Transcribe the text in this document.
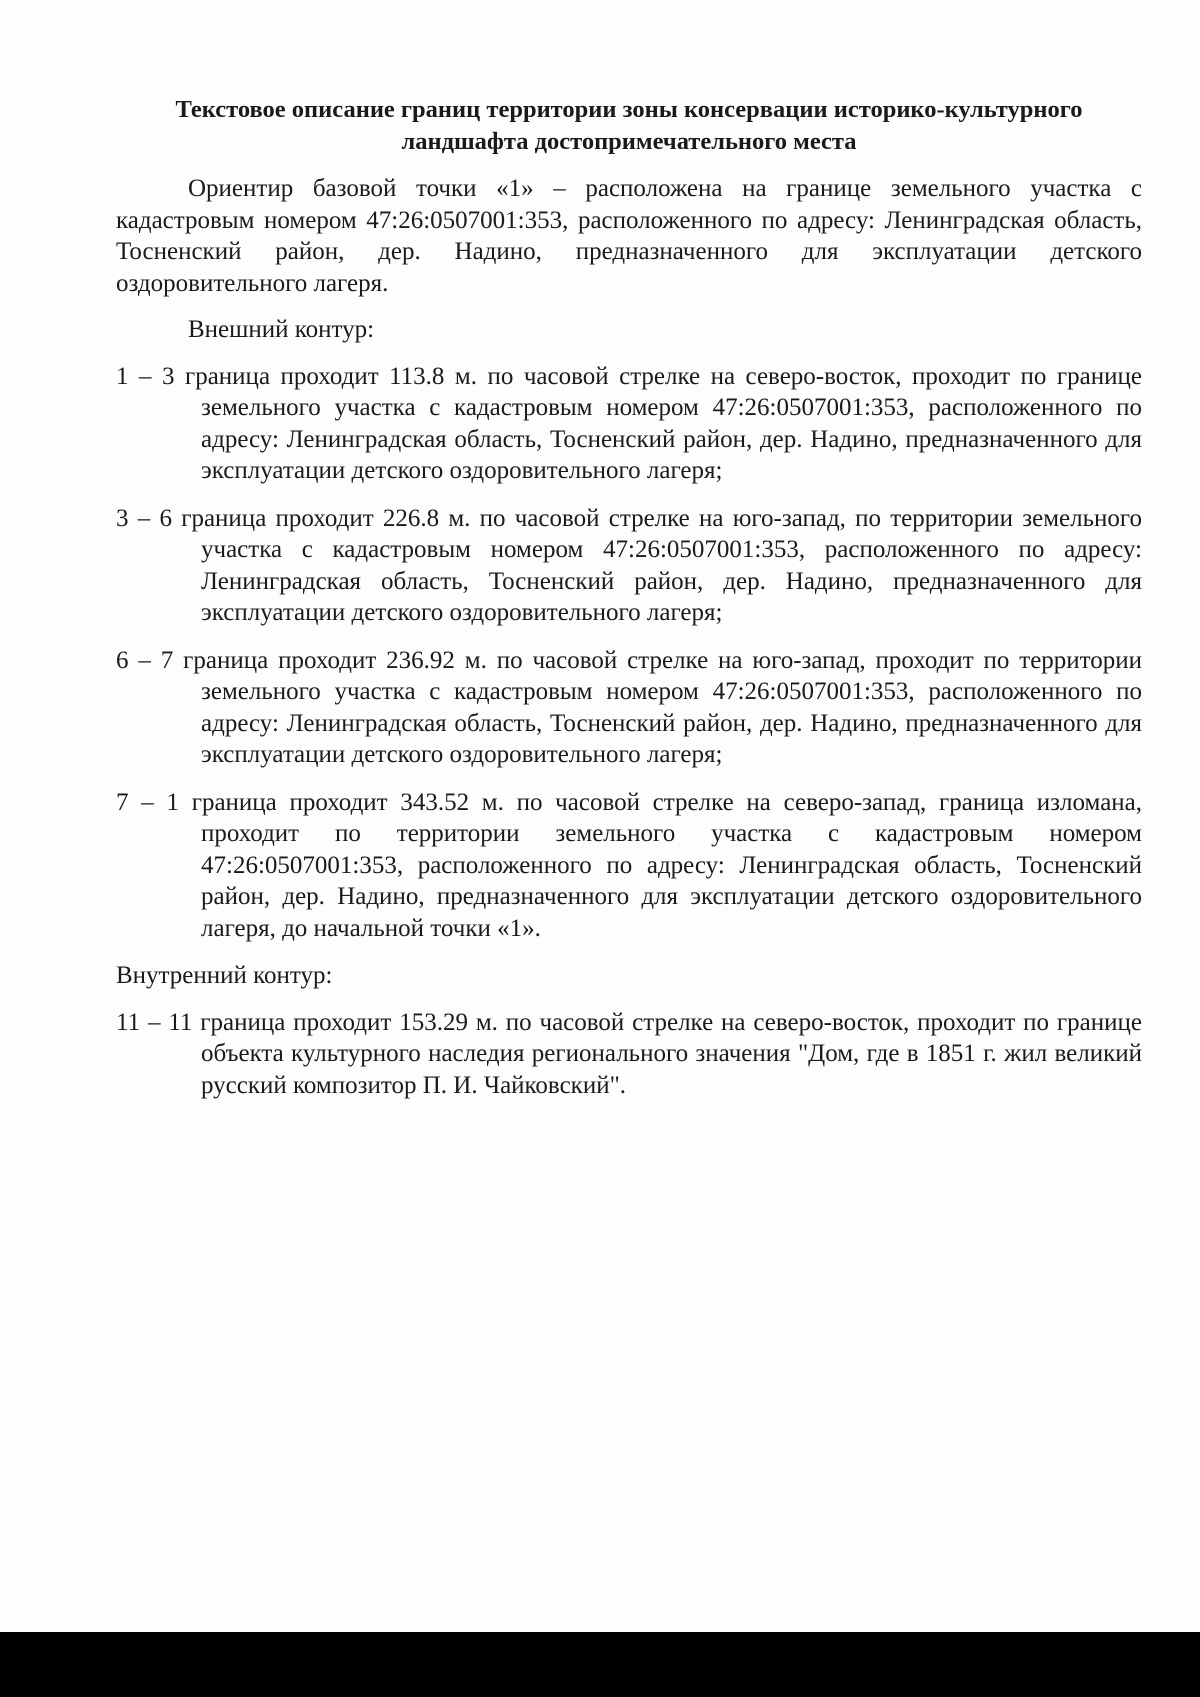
Текстовое описание границ территории зоны консервации историко-культурного ландшафта достопримечательного места

Ориентир базовой точки «1» – расположена на границе земельного участка с кадастровым номером 47:26:0507001:353, расположенного по адресу: Ленинградская область, Тосненский район, дер. Надино, предназначенного для эксплуатации детского оздоровительного лагеря.

Внешний контур:
1 – 3 граница проходит 113.8 м. по часовой стрелке на северо-восток, проходит по границе земельного участка с кадастровым номером 47:26:0507001:353, расположенного по адресу: Ленинградская область, Тосненский район, дер. Надино, предназначенного для эксплуатации детского оздоровительного лагеря;
3 – 6 граница проходит 226.8 м. по часовой стрелке на юго-запад, по территории земельного участка с кадастровым номером 47:26:0507001:353, расположенного по адресу: Ленинградская область, Тосненский район, дер. Надино, предназначенного для эксплуатации детского оздоровительного лагеря;
6 – 7 граница проходит 236.92 м. по часовой стрелке на юго-запад, проходит по территории земельного участка с кадастровым номером 47:26:0507001:353, расположенного по адресу: Ленинградская область, Тосненский район, дер. Надино, предназначенного для эксплуатации детского оздоровительного лагеря;
7 – 1 граница проходит 343.52 м. по часовой стрелке на северо-запад, граница изломана, проходит по территории земельного участка с кадастровым номером 47:26:0507001:353, расположенного по адресу: Ленинградская область, Тосненский район, дер. Надино, предназначенного для эксплуатации детского оздоровительного лагеря, до начальной точки «1».
Внутренний контур:
11 – 11 граница проходит 153.29 м. по часовой стрелке на северо-восток, проходит по границе объекта культурного наследия регионального значения "Дом, где в 1851 г. жил великий русский композитор П. И. Чайковский".
